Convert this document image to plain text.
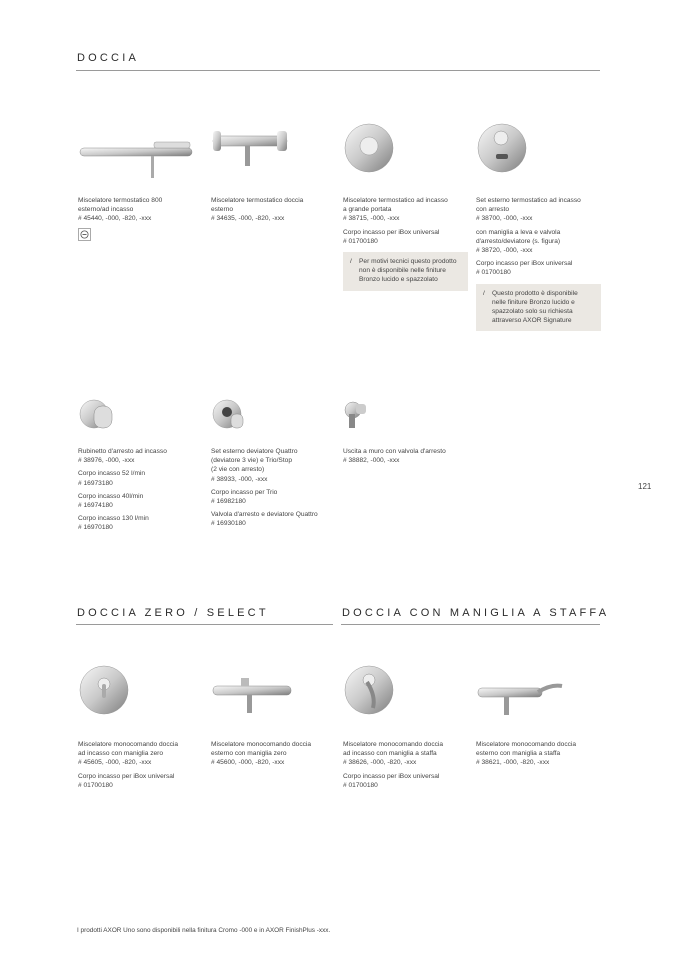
DOCCIA
DOCCIA ZERO / SELECT	DOCCIA CON MANIGLIA A STAFFA
Miscelatore termostatico 800
esterno/ad incasso
# 45440, -000, -820, -xxx
Miscelatore termostatico doccia
esterno
# 34635, -000, -820, -xxx
Miscelatore termostatico ad incasso
a grande portata
# 38715, -000, -xxx
Corpo incasso per iBox universal
# 01700180
/ Per motivi tecnici questo prodotto
non è disponibile nelle finiture
Bronzo lucido e spazzolato
Set esterno termostatico ad incasso
con arresto
# 38700, -000, -xxx
con maniglia a leva e valvola
d'arresto/deviatore (s. figura)
# 38720, -000, -xxx
Corpo incasso per iBox universal
# 01700180
/ Questo prodotto è disponibile
nelle finiture Bronzo lucido e
spazzolato solo su richiesta
attraverso AXOR Signature
Rubinetto d'arresto ad incasso
# 38976, -000, -xxx
Corpo incasso 52 l/min
# 16973180
Corpo incasso 40l/min
# 16974180
Corpo incasso 130 l/min
# 16970180
Set esterno deviatore Quattro
(deviatore 3 vie) e Trio/Stop
(2 vie con arresto)
# 38933, -000, -xxx
Corpo incasso per Trio
# 16982180
Valvola d'arresto e deviatore Quattro
# 16930180
Uscita a muro con valvola d'arresto
# 38882, -000, -xxx
Miscelatore monocomando doccia
ad incasso con maniglia zero
# 45605, -000, -820, -xxx
Corpo incasso per iBox universal
# 01700180
Miscelatore monocomando doccia
esterno con maniglia zero
# 45600, -000, -820, -xxx
Miscelatore monocomando doccia
ad incasso con maniglia a staffa
# 38626, -000, -820, -xxx
Corpo incasso per iBox universal
# 01700180
Miscelatore monocomando doccia
esterno con maniglia a staffa
# 38621, -000, -820, -xxx
121
I prodotti AXOR Uno sono disponibili nella finitura Cromo -000 e in AXOR FinishPlus -xxx.
